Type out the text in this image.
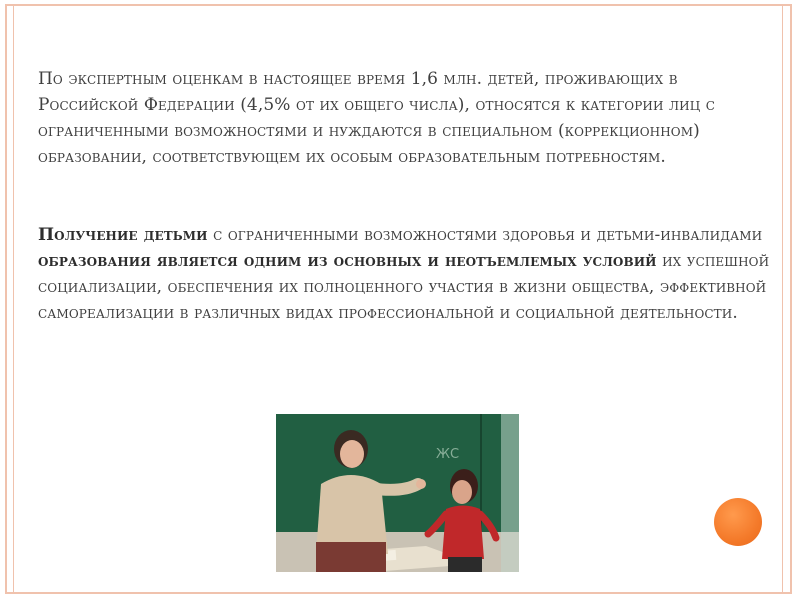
По экспертным оценкам в настоящее время 1,6 млн. детей, проживающих в Российской Федерации (4,5% от их общего числа), относятся к категории лиц с ограниченными возможностями и нуждаются в специальном (коррекционном) образовании, соответствующем их особым образовательным потребностям.

Получение детьми с ограниченными возможностями здоровья и детьми-инвалидами образования является одним из основных и неотъемлемых условий их успешной социализации, обеспечения их полноценного участия в жизни общества, эффективной самореализации в различных видах профессиональной и социальной деятельности.

ЖС
